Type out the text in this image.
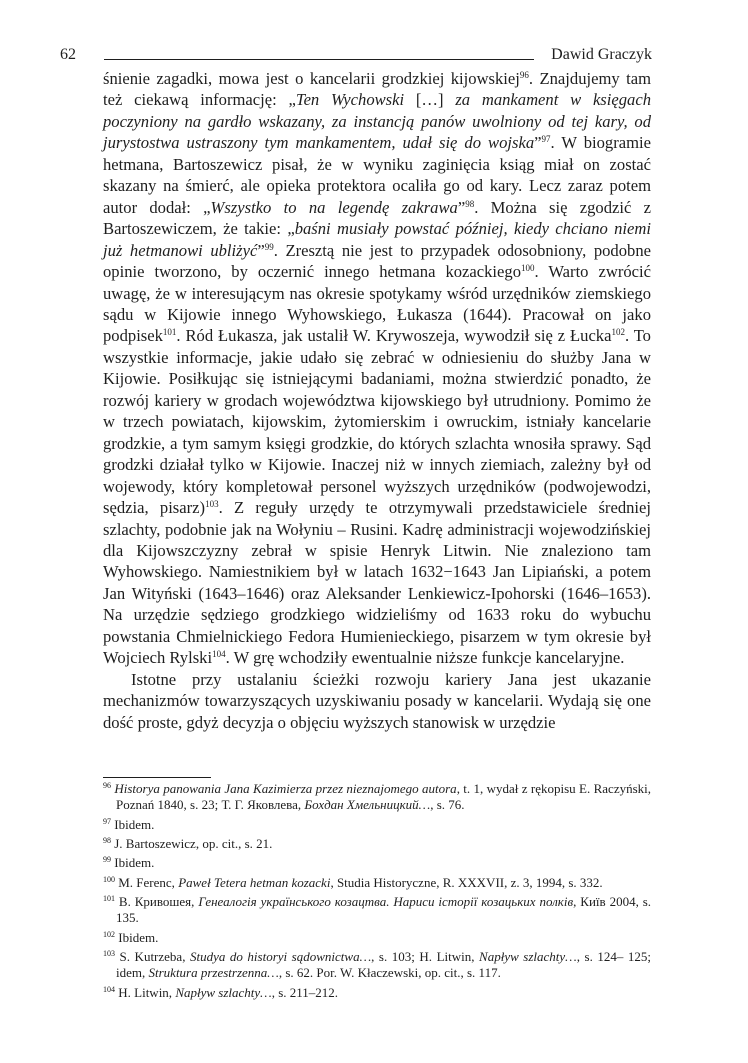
62	Dawid Graczyk

śnienie zagadki, mowa jest o kancelarii grodzkiej kijowskiej$^{96}$. Znajdujemy tam też ciekawą informację: „Ten Wychowski […] za mankament w księgach poczyniony na gardło wskazany, za instancją panów uwolniony od tej kary, od jurystostwa ustraszony tym mankamentem, udał się do wojska”$^{97}$. W biogramie hetmana, Bartoszewicz pisał, że w wyniku zaginięcia ksiąg miał on zostać skazany na śmierć, ale opieka protektora ocaliła go od kary. Lecz zaraz potem autor dodał: „Wszystko to na legendę zakrawa”$^{98}$. Można się zgodzić z Bartoszewiczem, że takie: „baśni musiały powstać później, kiedy chciano niemi już hetmanowi ubliżyć”$^{99}$. Zresztą nie jest to przypadek odosobniony, podobne opinie tworzono, by oczernić innego hetmana kozackiego$^{100}$. Warto zwrócić uwagę, że w interesującym nas okresie spotykamy wśród urzędników ziemskiego sądu w Kijowie innego Wyhowskiego, Łukasza (1644). Pracował on jako podpisek$^{101}$. Ród Łukasza, jak ustalił W. Krywoszeja, wywodził się z Łucka$^{102}$. To wszystkie informacje, jakie udało się zebrać w odniesieniu do służby Jana w Kijowie. Posiłkując się istniejącymi badaniami, można stwierdzić ponadto, że rozwój kariery w grodach województwa kijowskiego był utrudniony. Pomimo że w trzech powiatach, kijowskim, żytomierskim i owruckim, istniały kancelarie grodzkie, a tym samym księgi grodzkie, do których szlachta wnosiła sprawy. Sąd grodzki działał tylko w Kijowie. Inaczej niż w innych ziemiach, zależny był od wojewody, który kompletował personel wyższych urzędników (podwojewodzi, sędzia, pisarz)$^{103}$. Z reguły urzędy te otrzymywali przedstawiciele średniej szlachty, podobnie jak na Wołyniu – Rusini. Kadrę administracji wojewodzińskiej dla Kijowszczyzny zebrał w spisie Henryk Litwin. Nie znaleziono tam Wyhowskiego. Namiestnikiem był w latach 1632−1643 Jan Lipiański, a potem Jan Wityński (1643–1646) oraz Aleksander Lenkiewicz-Ipohorski (1646–1653). Na urzędzie sędziego grodzkiego widzieliśmy od 1633 roku do wybuchu powstania Chmielnickiego Fedora Humienieckiego, pisarzem w tym okresie był Wojciech Rylski$^{104}$. W grę wchodziły ewentualnie niższe funkcje kancelaryjne.

Istotne przy ustalaniu ścieżki rozwoju kariery Jana jest ukazanie mechanizmów towarzyszących uzyskiwaniu posady w kancelarii. Wydają się one dość proste, gdyż decyzja o objęciu wyższych stanowisk w urzędzie

$^{96}$ Historya panowania Jana Kazimierza przez nieznajomego autora, t. 1, wydał z rękopisu E. Raczyński, Poznań 1840, s. 23; Т. Г. Яковлева, Бохдан Хмельницкий…, s. 76.

$^{97}$ Ibidem.

$^{98}$ J. Bartoszewicz, op. cit., s. 21.

$^{99}$ Ibidem.

$^{100}$ M. Ferenc, Paweł Tetera hetman kozacki, Studia Historyczne, R. XXXVII, z. 3, 1994, s. 332.

$^{101}$ В. Кривошея, Генеалогія українського козацтва. Нариси історії козацьких полків, Київ 2004, s. 135.

$^{102}$ Ibidem.

$^{103}$ S. Kutrzeba, Studya do historyi sądownictwa…, s. 103; H. Litwin, Napływ szlachty…, s. 124– 125; idem, Struktura przestrzenna…, s. 62. Por. W. Kłaczewski, op. cit., s. 117.

$^{104}$ H. Litwin, Napływ szlachty…, s. 211–212.
